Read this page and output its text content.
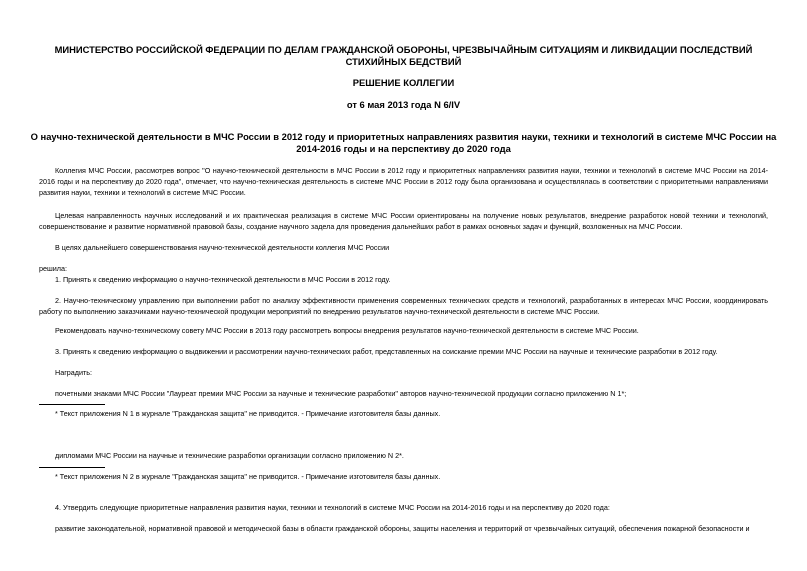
МИНИСТЕРСТВО РОССИЙСКОЙ ФЕДЕРАЦИИ ПО ДЕЛАМ ГРАЖДАНСКОЙ ОБОРОНЫ, ЧРЕЗВЫЧАЙНЫМ СИТУАЦИЯМ И ЛИКВИДАЦИИ ПОСЛЕДСТВИЙ СТИХИЙНЫХ БЕДСТВИЙ
РЕШЕНИЕ КОЛЛЕГИИ
от 6 мая 2013 года N 6/IV
О научно-технической деятельности в МЧС России в 2012 году и приоритетных направлениях развития науки, техники и технологий в системе МЧС России на 2014-2016 годы и на перспективу до 2020 года
Коллегия МЧС России, рассмотрев вопрос "О научно-технической деятельности в МЧС России в 2012 году и приоритетных направлениях развития науки, техники и технологий в системе МЧС России на 2014-2016 годы и на перспективу до 2020 года", отмечает, что научно-техническая деятельность в системе МЧС России в 2012 году была организована и осуществлялась в соответствии с приоритетными направлениями развития науки, техники и технологий в системе МЧС России.
Целевая направленность научных исследований и их практическая реализация в системе МЧС России ориентированы на получение новых результатов, внедрение разработок новой техники и технологий, совершенствование и развитие нормативной правовой базы, создание научного задела для проведения дальнейших работ в рамках основных задач и функций, возложенных на МЧС России.
В целях дальнейшего совершенствования научно-технической деятельности коллегия МЧС России
решила:
1. Принять к сведению информацию о научно-технической деятельности в МЧС России в 2012 году.
2. Научно-техническому управлению при выполнении работ по анализу эффективности применения современных технических средств и технологий, разработанных в интересах МЧС России, координировать работу по выполнению заказчиками научно-технической продукции мероприятий по внедрению результатов научно-технической деятельности в системе МЧС России.
Рекомендовать научно-техническому совету МЧС России в 2013 году рассмотреть вопросы внедрения результатов научно-технической деятельности в системе МЧС России.
3. Принять к сведению информацию о выдвижении и рассмотрении научно-технических работ, представленных на соискание премии МЧС России на научные и технические разработки в 2012 году.
Наградить:
почетными знаками МЧС России "Лауреат премии МЧС России за научные и технические разработки" авторов научно-технической продукции согласно приложению N 1*;
* Текст приложения N 1 в журнале "Гражданская защита" не приводится. - Примечание изготовителя базы данных.
дипломами МЧС России на научные и технические разработки организации согласно приложению N 2*.
* Текст приложения N 2 в журнале "Гражданская защита" не приводится. - Примечание изготовителя базы данных.
4. Утвердить следующие приоритетные направления развития науки, техники и технологий в системе МЧС России на 2014-2016 годы и на перспективу до 2020 года:
развитие законодательной, нормативной правовой и методической базы в области гражданской обороны, защиты населения и территорий от чрезвычайных ситуаций, обеспечения пожарной безопасности и
